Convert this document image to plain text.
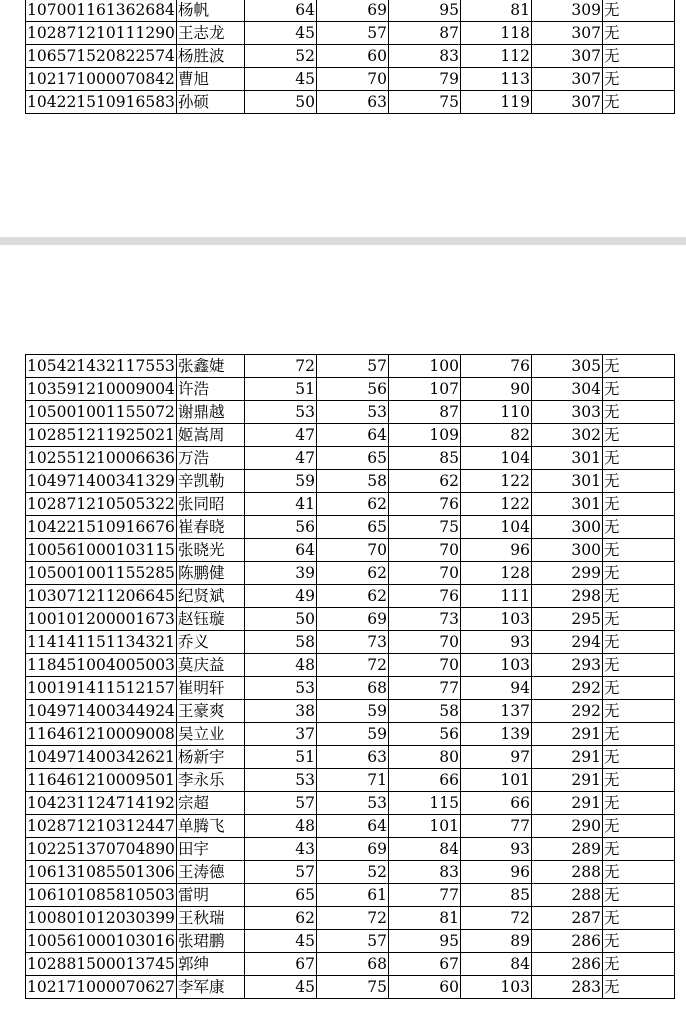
107001161362684	杨帆	64	69	95	81	309	无
102871210111290	王志龙	45	57	87	118	307	无
106571520822574	杨胜波	52	60	83	112	307	无
102171000070842	曹旭	45	70	79	113	307	无
104221510916583	孙硕	50	63	75	119	307	无
105421432117553	张鑫婕	72	57	100	76	305	无
103591210009004	许浩	51	56	107	90	304	无
105001001155072	谢鼎越	53	53	87	110	303	无
102851211925021	姬嵩周	47	64	109	82	302	无
102551210006636	万浩	47	65	85	104	301	无
104971400341329	辛凯勒	59	58	62	122	301	无
102871210505322	张同昭	41	62	76	122	301	无
104221510916676	崔春晓	56	65	75	104	300	无
100561000103115	张晓光	64	70	70	96	300	无
105001001155285	陈鹏健	39	62	70	128	299	无
103071211206645	纪贤斌	49	62	76	111	298	无
100101200001673	赵钰璇	50	69	73	103	295	无
114141151134321	乔义	58	73	70	93	294	无
118451004005003	莫庆益	48	72	70	103	293	无
100191411512157	崔明轩	53	68	77	94	292	无
104971400344924	王豪爽	38	59	58	137	292	无
116461210009008	吴立业	37	59	56	139	291	无
104971400342621	杨新宇	51	63	80	97	291	无
116461210009501	李永乐	53	71	66	101	291	无
104231124714192	宗超	57	53	115	66	291	无
102871210312447	单腾飞	48	64	101	77	290	无
102251370704890	田宇	43	69	84	93	289	无
106131085501306	王涛德	57	52	83	96	288	无
106101085810503	雷明	65	61	77	85	288	无
100801012030399	王秋瑞	62	72	81	72	287	无
100561000103016	张珺鹏	45	57	95	89	286	无
102881500013745	郭绅	67	68	67	84	286	无
102171000070627	李军康	45	75	60	103	283	无
